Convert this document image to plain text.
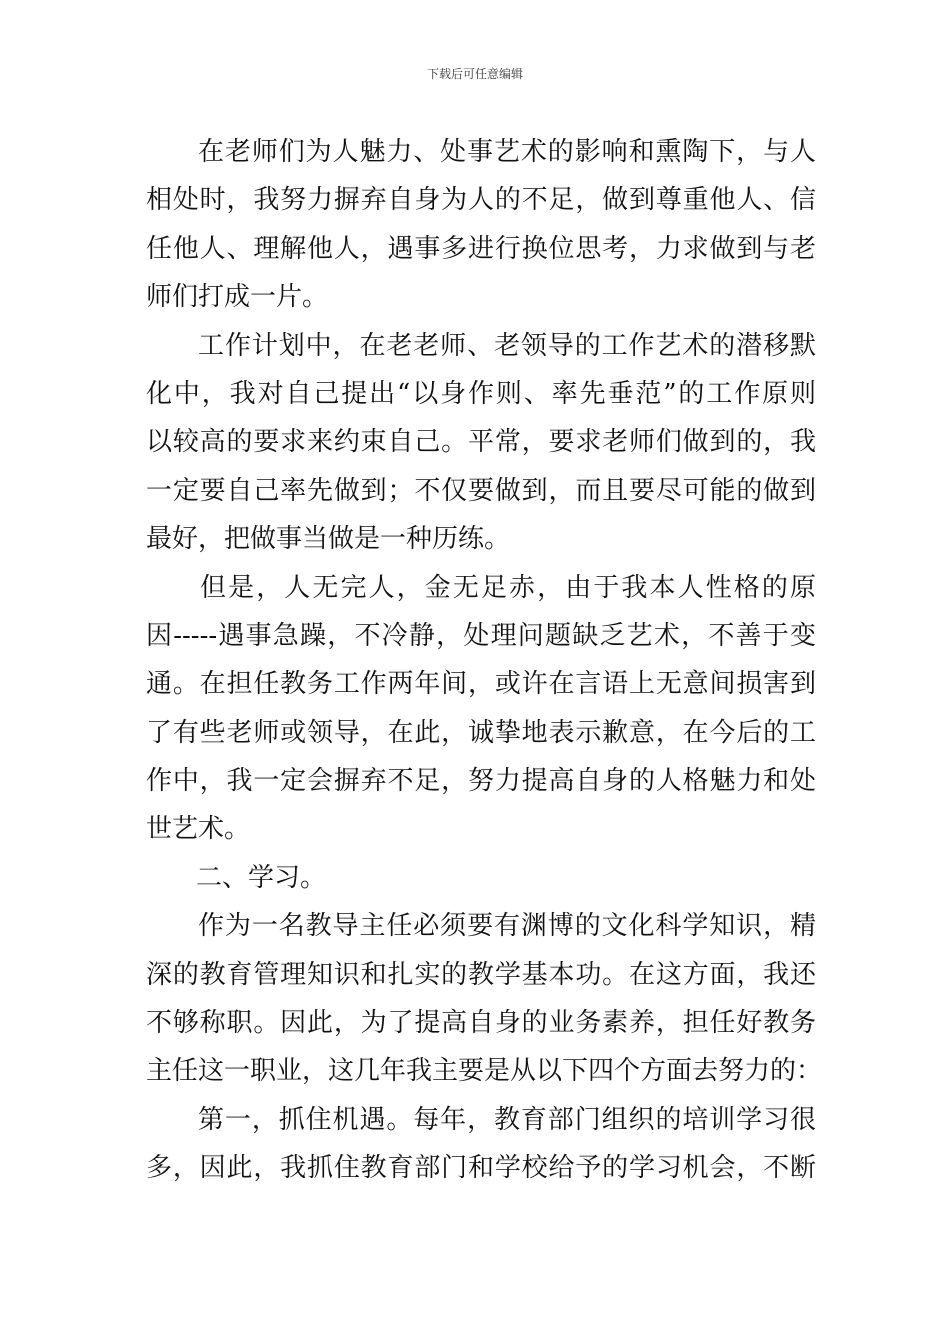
下载后可任意编辑
在老师们为人魅力、处事艺术的影响和熏陶下，与人
相处时，我努力摒弃自身为人的不足，做到尊重他人、信
任他人、理解他人，遇事多进行换位思考，力求做到与老
师们打成一片。
工作计划中，在老老师、老领导的工作艺术的潜移默
化中，我对自己提出“以身作则、率先垂范”的工作原则
以较高的要求来约束自己。平常，要求老师们做到的，我
一定要自己率先做到；不仅要做到，而且要尽可能的做到
最好，把做事当做是一种历练。
但是，人无完人，金无足赤，由于我本人性格的原
因-----遇事急躁，不冷静，处理问题缺乏艺术，不善于变
通。在担任教务工作两年间，或许在言语上无意间损害到
了有些老师或领导，在此，诚挚地表示歉意，在今后的工
作中，我一定会摒弃不足，努力提高自身的人格魅力和处
世艺术。
二、学习。
作为一名教导主任必须要有渊博的文化科学知识，精
深的教育管理知识和扎实的教学基本功。在这方面，我还
不够称职。因此，为了提高自身的业务素养，担任好教务
主任这一职业，这几年我主要是从以下四个方面去努力的：
第一，抓住机遇。每年，教育部门组织的培训学习很
多，因此，我抓住教育部门和学校给予的学习机会，不断
